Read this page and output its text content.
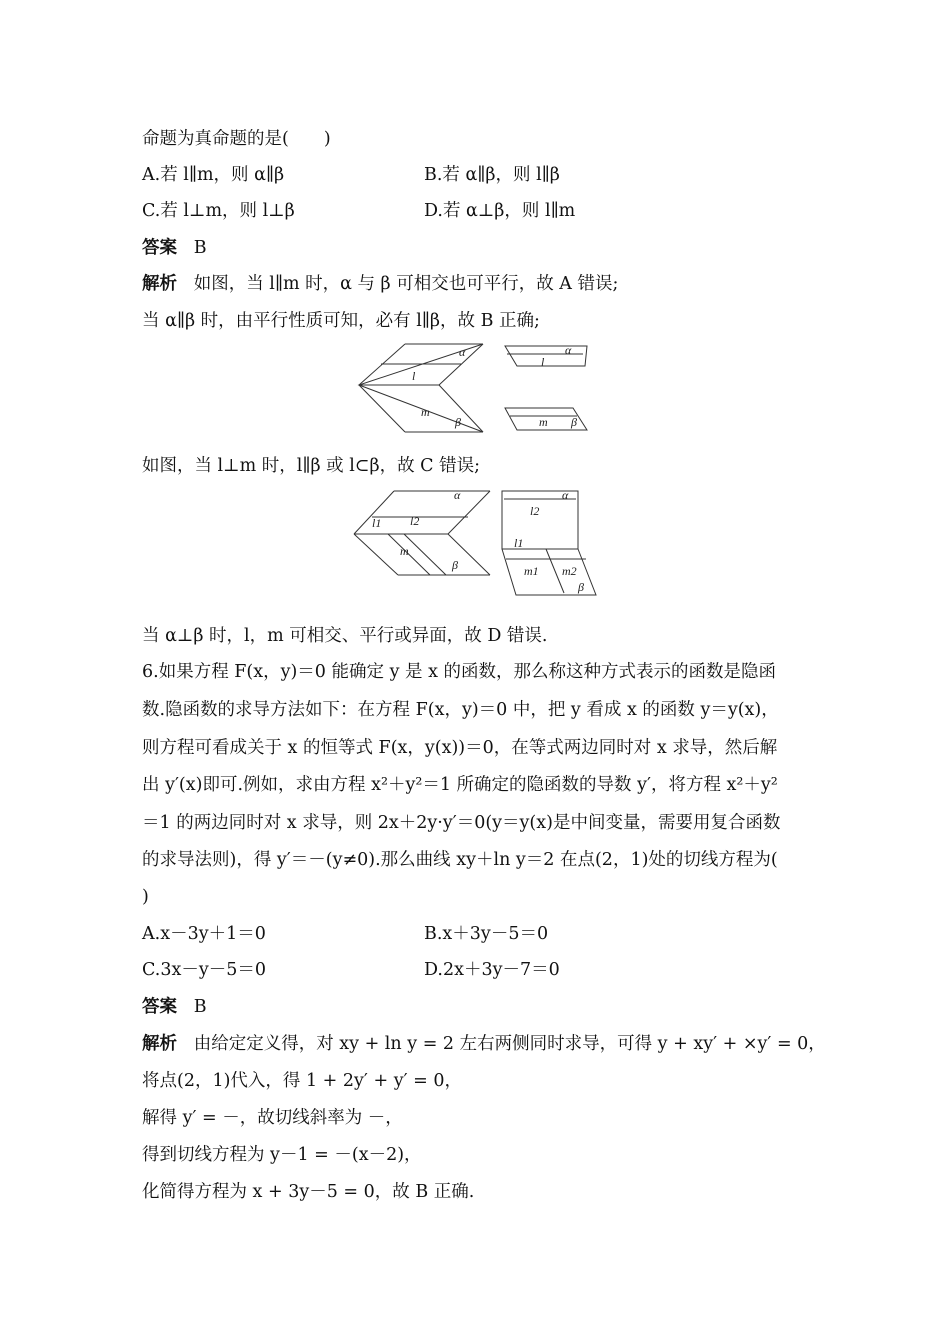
命题为真命题的是(　　)
A.若 l∥m，则 α∥β	B.若 α∥β，则 l∥β
C.若 l⊥m，则 l⊥β	D.若 α⊥β，则 l∥m
答案 B
解析 如图，当 l∥m 时，α 与 β 可相交也可平行，故 A 错误;
当 α∥β 时，由平行性质可知，必有 l∥β，故 B 正确;
α
l
m
β
α
l
m β
如图，当 l⊥m 时，l∥β 或 l⊂β，故 C 错误;
α
l1 l2
m
β
α
l2
l1
m1 m2
β
当 α⊥β 时，l，m 可相交、平行或异面，故 D 错误.
6.如果方程 F(x，y)＝0 能确定 y 是 x 的函数，那么称这种方式表示的函数是隐函
数.隐函数的求导方法如下：在方程 F(x，y)＝0 中，把 y 看成 x 的函数 y＝y(x)，
则方程可看成关于 x 的恒等式 F(x，y(x))＝0，在等式两边同时对 x 求导，然后解
出 y′(x)即可.例如，求由方程 x²＋y²＝1 所确定的隐函数的导数 y′，将方程 x²＋y²
＝1 的两边同时对 x 求导，则 2x＋2y·y′＝0(y＝y(x)是中间变量，需要用复合函数
的求导法则)，得 y′＝－(y≠0).那么曲线 xy＋ln y＝2 在点(2，1)处的切线方程为(
)
A.x－3y＋1＝0	B.x＋3y－5＝0
C.3x－y－5＝0	D.2x＋3y－7＝0
答案 B
解析 由给定定义得，对 xy + ln y = 2 左右两侧同时求导，可得 y + xy′ + ×y′ = 0，
将点(2，1)代入，得 1 + 2y′ + y′ = 0，
解得 y′ = －，故切线斜率为 －，
得到切线方程为 y－1 = －(x－2)，
化简得方程为 x + 3y－5 = 0，故 B 正确.
